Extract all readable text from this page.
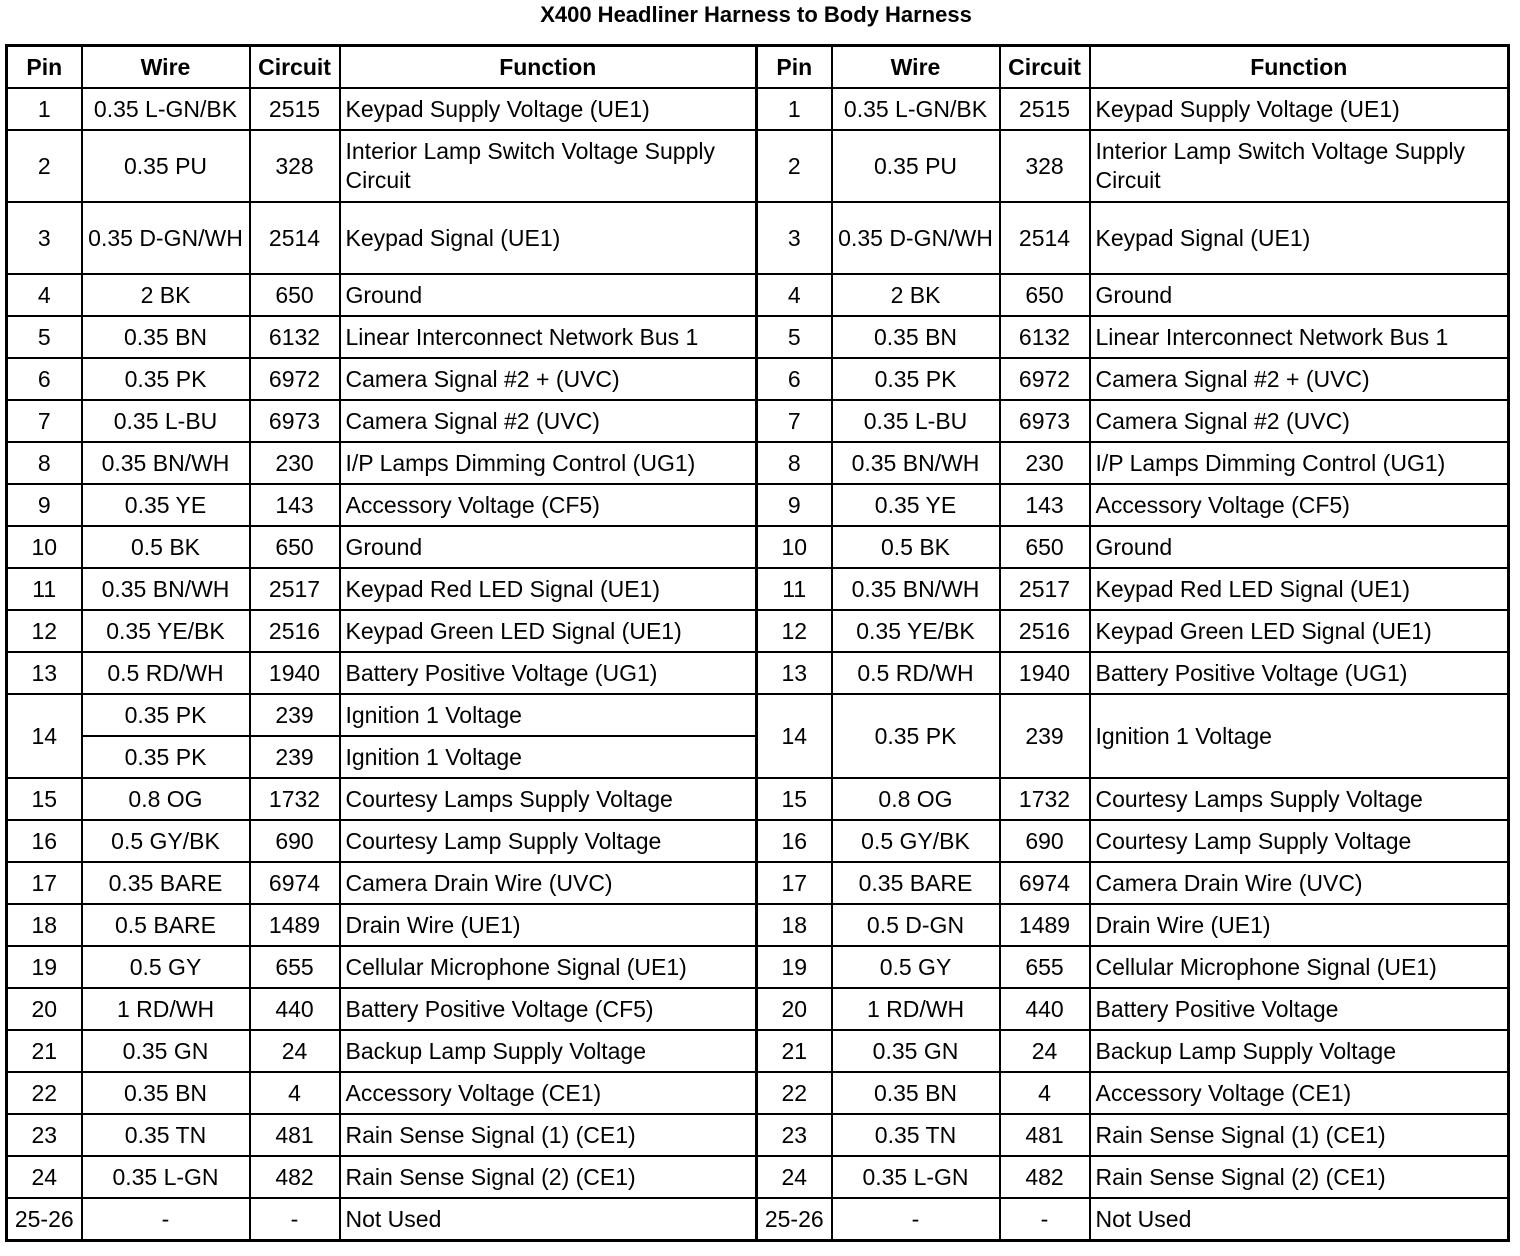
X400 Headliner Harness to Body Harness
Pin	Wire	Circuit	Function	Pin	Wire	Circuit	Function
1	0.35 L-GN/BK	2515	Keypad Supply Voltage (UE1)	1	0.35 L-GN/BK	2515	Keypad Supply Voltage (UE1)
2	0.35 PU	328	Interior Lamp Switch Voltage Supply Circuit	2	0.35 PU	328	Interior Lamp Switch Voltage Supply Circuit
3	0.35 D-GN/WH	2514	Keypad Signal (UE1)	3	0.35 D-GN/WH	2514	Keypad Signal (UE1)
4	2 BK	650	Ground	4	2 BK	650	Ground
5	0.35 BN	6132	Linear Interconnect Network Bus 1	5	0.35 BN	6132	Linear Interconnect Network Bus 1
6	0.35 PK	6972	Camera Signal #2 + (UVC)	6	0.35 PK	6972	Camera Signal #2 + (UVC)
7	0.35 L-BU	6973	Camera Signal #2 (UVC)	7	0.35 L-BU	6973	Camera Signal #2 (UVC)
8	0.35 BN/WH	230	I/P Lamps Dimming Control (UG1)	8	0.35 BN/WH	230	I/P Lamps Dimming Control (UG1)
9	0.35 YE	143	Accessory Voltage (CF5)	9	0.35 YE	143	Accessory Voltage (CF5)
10	0.5 BK	650	Ground	10	0.5 BK	650	Ground
11	0.35 BN/WH	2517	Keypad Red LED Signal (UE1)	11	0.35 BN/WH	2517	Keypad Red LED Signal (UE1)
12	0.35 YE/BK	2516	Keypad Green LED Signal (UE1)	12	0.35 YE/BK	2516	Keypad Green LED Signal (UE1)
13	0.5 RD/WH	1940	Battery Positive Voltage (UG1)	13	0.5 RD/WH	1940	Battery Positive Voltage (UG1)
14	0.35 PK	239	Ignition 1 Voltage	14	0.35 PK	239	Ignition 1 Voltage
	0.35 PK	239	Ignition 1 Voltage				
15	0.8 OG	1732	Courtesy Lamps Supply Voltage	15	0.8 OG	1732	Courtesy Lamps Supply Voltage
16	0.5 GY/BK	690	Courtesy Lamp Supply Voltage	16	0.5 GY/BK	690	Courtesy Lamp Supply Voltage
17	0.35 BARE	6974	Camera Drain Wire (UVC)	17	0.35 BARE	6974	Camera Drain Wire (UVC)
18	0.5 BARE	1489	Drain Wire (UE1)	18	0.5 D-GN	1489	Drain Wire (UE1)
19	0.5 GY	655	Cellular Microphone Signal (UE1)	19	0.5 GY	655	Cellular Microphone Signal (UE1)
20	1 RD/WH	440	Battery Positive Voltage (CF5)	20	1 RD/WH	440	Battery Positive Voltage
21	0.35 GN	24	Backup Lamp Supply Voltage	21	0.35 GN	24	Backup Lamp Supply Voltage
22	0.35 BN	4	Accessory Voltage (CE1)	22	0.35 BN	4	Accessory Voltage (CE1)
23	0.35 TN	481	Rain Sense Signal (1) (CE1)	23	0.35 TN	481	Rain Sense Signal (1) (CE1)
24	0.35 L-GN	482	Rain Sense Signal (2) (CE1)	24	0.35 L-GN	482	Rain Sense Signal (2) (CE1)
25-26	-	-	Not Used	25-26	-	-	Not Used
